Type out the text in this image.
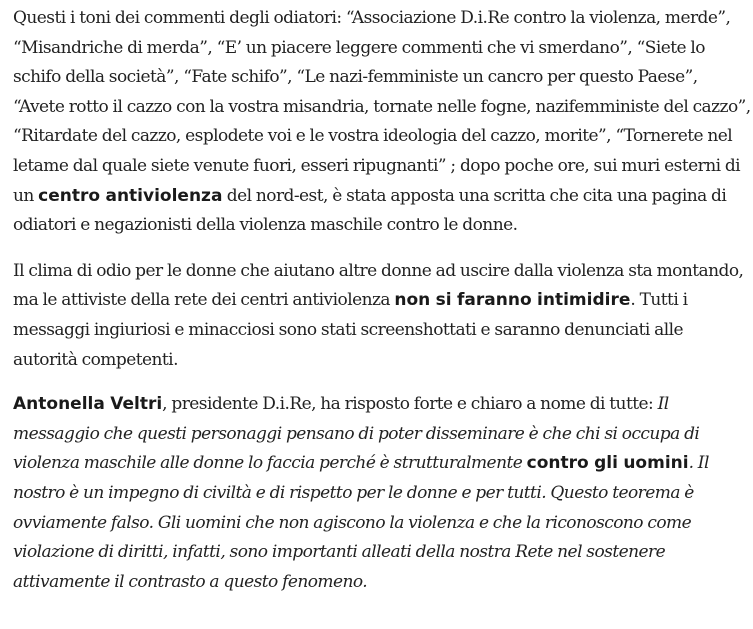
Questi i toni dei commenti degli odiatori: “Associazione D.i.Re contro la violenza, merde”, “Misandriche di merda”, “E’ un piacere leggere commenti che vi smerdano”, “Siete lo schifo della società”, “Fate schifo”, “Le nazi-femministe un cancro per questo Paese”, “Avete rotto il cazzo con la vostra misandria, tornate nelle fogne, nazifemministe del cazzo”, “Ritardate del cazzo, esplodete voi e le vostra ideologia del cazzo, morite”, “Tornerete nel letame dal quale siete venute fuori, esseri ripugnanti” ; dopo poche ore, sui muri esterni di un centro antiviolenza del nord-est, è stata apposta una scritta che cita una pagina di odiatori e negazionisti della violenza maschile contro le donne.

Il clima di odio per le donne che aiutano altre donne ad uscire dalla violenza sta montando, ma le attiviste della rete dei centri antiviolenza non si faranno intimidire. Tutti i messaggi ingiuriosi e minacciosi sono stati screenshottati e saranno denunciati alle autorità competenti.

Antonella Veltri, presidente D.i.Re, ha risposto forte e chiaro a nome di tutte: Il messaggio che questi personaggi pensano di poter disseminare è che chi si occupa di violenza maschile alle donne lo faccia perché è strutturalmente contro gli uomini. Il nostro è un impegno di civiltà e di rispetto per le donne e per tutti. Questo teorema è ovviamente falso. Gli uomini che non agiscono la violenza e che la riconoscono come violazione di diritti, infatti, sono importanti alleati della nostra Rete nel sostenere attivamente il contrasto a questo fenomeno.
